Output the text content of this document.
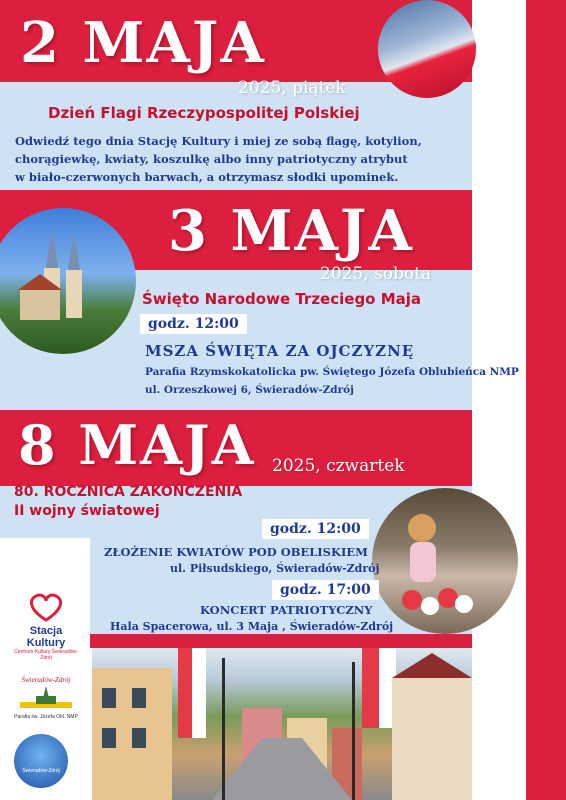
2 MAJA
2025, piątek
Dzień Flagi Rzeczypospolitej Polskiej
Odwiedź tego dnia Stację Kultury i miej ze sobą flagę, kotylion,
chorągiewkę, kwiaty, koszulkę albo inny patriotyczny atrybut
w biało-czerwonych barwach, a otrzymasz słodki upominek.
3 MAJA
2025, sobota
Święto Narodowe Trzeciego Maja
godz. 12:00
MSZA ŚWIĘTA ZA OJCZYZNĘ
Parafia Rzymskokatolicka pw. Świętego Józefa Oblubieńca NMP
ul. Orzeszkowej 6, Świeradów-Zdrój
8 MAJA 2025, czwartek
80. ROCZNICA ZAKOŃCZENIA
II wojny światowej
godz. 12:00
ZŁOŻENIE KWIATÓW POD OBELISKIEM
ul. Piłsudskiego, Świeradów-Zdrój
godz. 17:00
KONCERT PATRIOTYCZNY
Hala Spacerowa, ul. 3 Maja , Świeradów-Zdrój
Stacja
Kultury
Centrum Kultury Świeradów-Zdrój
Świeradów-Zdrój
Parafia św. Józefa Obl. NMP
Świeradów-Zdrój
